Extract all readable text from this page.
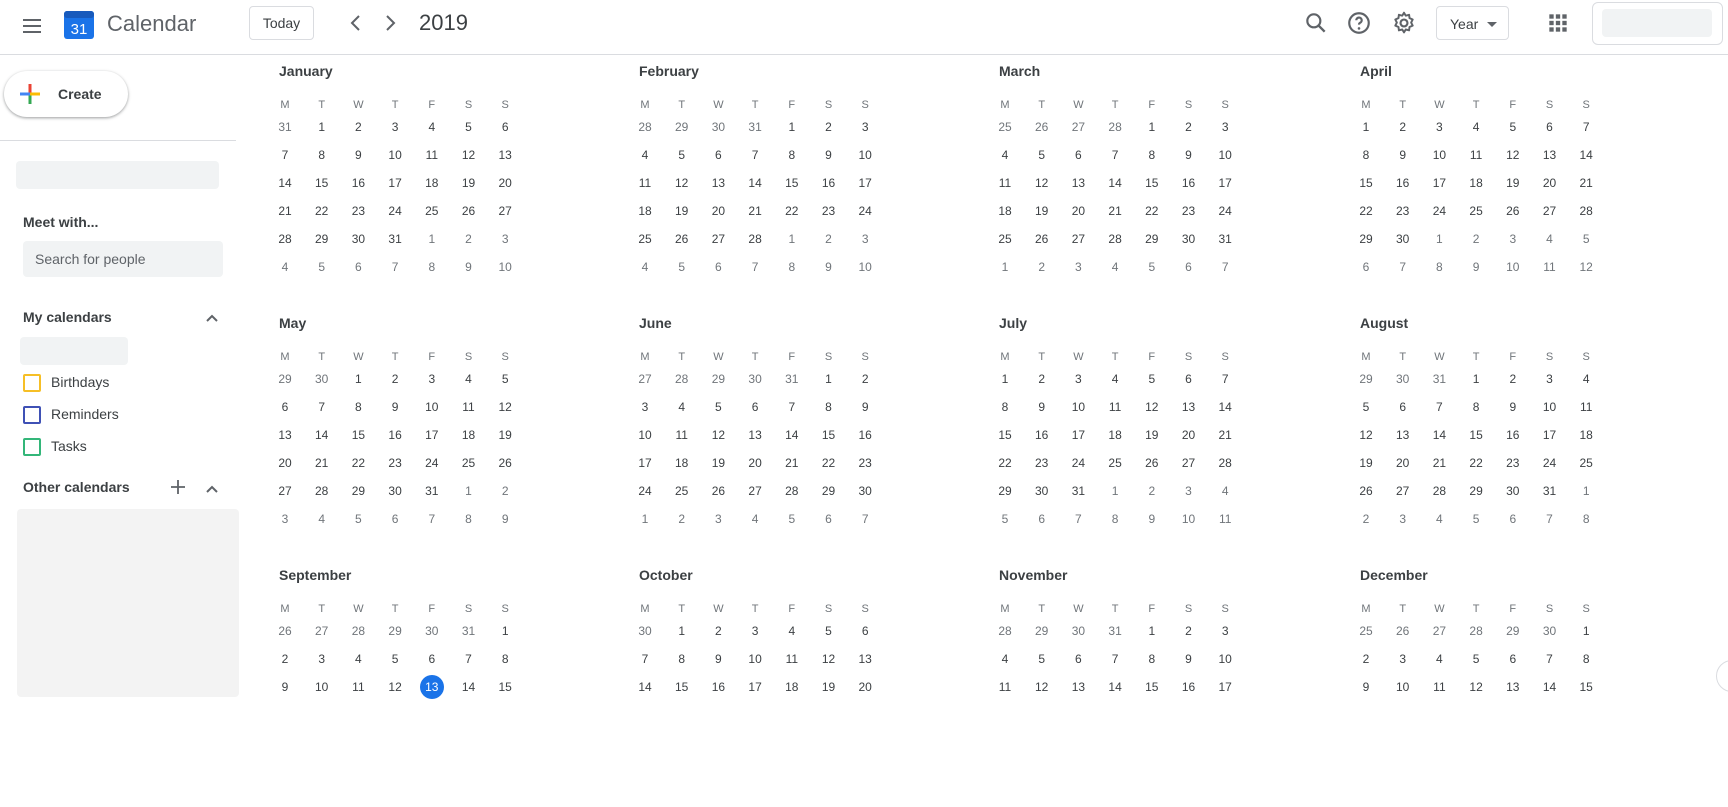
31 Calendar	Today	2019	Year
Create
Meet with...
Search for people
My calendars
Birthdays
Reminders
Tasks
Other calendars
January
M	T	W	T	F	S	S
31	1	2	3	4	5	6
7	8	9	10	11	12	13
14	15	16	17	18	19	20
21	22	23	24	25	26	27
28	29	30	31	1	2	3
4	5	6	7	8	9	10
February
M	T	W	T	F	S	S
28	29	30	31	1	2	3
4	5	6	7	8	9	10
11	12	13	14	15	16	17
18	19	20	21	22	23	24
25	26	27	28	1	2	3
4	5	6	7	8	9	10
March
M	T	W	T	F	S	S
25	26	27	28	1	2	3
4	5	6	7	8	9	10
11	12	13	14	15	16	17
18	19	20	21	22	23	24
25	26	27	28	29	30	31
1	2	3	4	5	6	7
April
M	T	W	T	F	S	S
1	2	3	4	5	6	7
8	9	10	11	12	13	14
15	16	17	18	19	20	21
22	23	24	25	26	27	28
29	30	1	2	3	4	5
6	7	8	9	10	11	12
May
M	T	W	T	F	S	S
29	30	1	2	3	4	5
6	7	8	9	10	11	12
13	14	15	16	17	18	19
20	21	22	23	24	25	26
27	28	29	30	31	1	2
3	4	5	6	7	8	9
June
M	T	W	T	F	S	S
27	28	29	30	31	1	2
3	4	5	6	7	8	9
10	11	12	13	14	15	16
17	18	19	20	21	22	23
24	25	26	27	28	29	30
1	2	3	4	5	6	7
July
M	T	W	T	F	S	S
1	2	3	4	5	6	7
8	9	10	11	12	13	14
15	16	17	18	19	20	21
22	23	24	25	26	27	28
29	30	31	1	2	3	4
5	6	7	8	9	10	11
August
M	T	W	T	F	S	S
29	30	31	1	2	3	4
5	6	7	8	9	10	11
12	13	14	15	16	17	18
19	20	21	22	23	24	25
26	27	28	29	30	31	1
2	3	4	5	6	7	8
September
M	T	W	T	F	S	S
26	27	28	29	30	31	1
2	3	4	5	6	7	8
9	10	11	12	13	14	15
October
M	T	W	T	F	S	S
30	1	2	3	4	5	6
7	8	9	10	11	12	13
14	15	16	17	18	19	20
November
M	T	W	T	F	S	S
28	29	30	31	1	2	3
4	5	6	7	8	9	10
11	12	13	14	15	16	17
December
M	T	W	T	F	S	S
25	26	27	28	29	30	1
2	3	4	5	6	7	8
9	10	11	12	13	14	15
